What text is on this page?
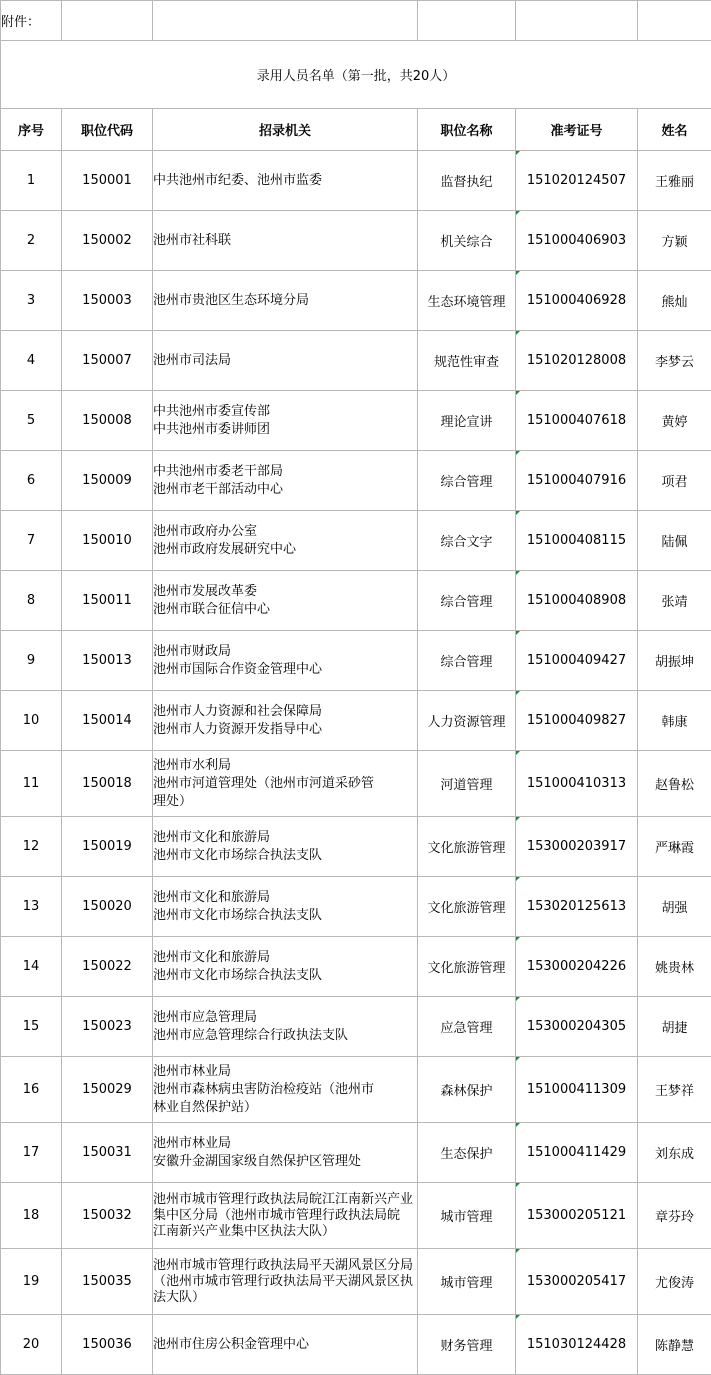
附件：					
录用人员名单（第一批，共20人）					
序号	职位代码	招录机关	职位名称	准考证号	姓名
1	150001	中共池州市纪委、池州市监委	监督执纪	151020124507	王雅丽
2	150002	池州市社科联	机关综合	151000406903	方颖
3	150003	池州市贵池区生态环境分局	生态环境管理	151000406928	熊灿
4	150007	池州市司法局	规范性审查	151020128008	李梦云
5	150008	中共池州市委宣传部
中共池州市委讲师团	理论宣讲	151000407618	黄婷
6	150009	中共池州市委老干部局
池州市老干部活动中心	综合管理	151000407916	项君
7	150010	池州市政府办公室
池州市政府发展研究中心	综合文字	151000408115	陆佩
8	150011	池州市发展改革委
池州市联合征信中心	综合管理	151000408908	张靖
9	150013	池州市财政局
池州市国际合作资金管理中心	综合管理	151000409427	胡振坤
10	150014	池州市人力资源和社会保障局
池州市人力资源开发指导中心	人力资源管理	151000409827	韩康
11	150018	池州市水利局
池州市河道管理处（池州市河道采砂管
理处）	河道管理	151000410313	赵鲁松
12	150019	池州市文化和旅游局
池州市文化市场综合执法支队	文化旅游管理	153000203917	严琳霞
13	150020	池州市文化和旅游局
池州市文化市场综合执法支队	文化旅游管理	153020125613	胡强
14	150022	池州市文化和旅游局
池州市文化市场综合执法支队	文化旅游管理	153000204226	姚贵林
15	150023	池州市应急管理局
池州市应急管理综合行政执法支队	应急管理	153000204305	胡捷
16	150029	池州市林业局
池州市森林病虫害防治检疫站（池州市
林业自然保护站）	森林保护	151000411309	王梦祥
17	150031	池州市林业局
安徽升金湖国家级自然保护区管理处	生态保护	151000411429	刘东成
18	150032	池州市城市管理行政执法局皖江江南新兴产业
集中区分局（池州市城市管理行政执法局皖
江南新兴产业集中区执法大队）	城市管理	153000205121	章芬玲
19	150035	池州市城市管理行政执法局平天湖风景区分局
（池州市城市管理行政执法局平天湖风景区执
法大队）	城市管理	153000205417	尤俊涛
20	150036	池州市住房公积金管理中心	财务管理	151030124428	陈静慧
